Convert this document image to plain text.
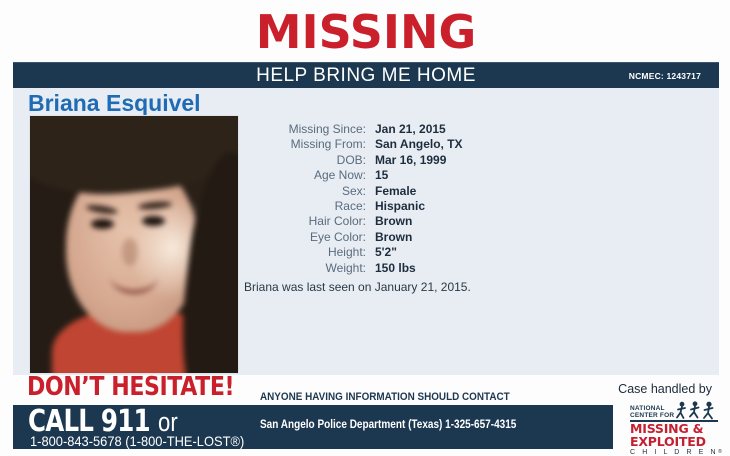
MISSING
HELP BRING ME HOME	NCMEC: 1243717
Briana Esquivel
Missing Since: Jan 21, 2015
Missing From: San Angelo, TX
DOB: Mar 16, 1999
Age Now: 15
Sex: Female
Race: Hispanic
Hair Color: Brown
Eye Color: Brown
Height: 5'2"
Weight: 150 lbs
Briana was last seen on January 21, 2015.
DON’T HESITATE! ANYONE HAVING INFORMATION SHOULD CONTACT
CALL 911 or
1-800-843-5678 (1-800-THE-LOST®)
San Angelo Police Department (Texas) 1-325-657-4315
Case handled by
NATIONAL
CENTER FOR
MISSING &
EXPLOITED
C H I L D R E N®
